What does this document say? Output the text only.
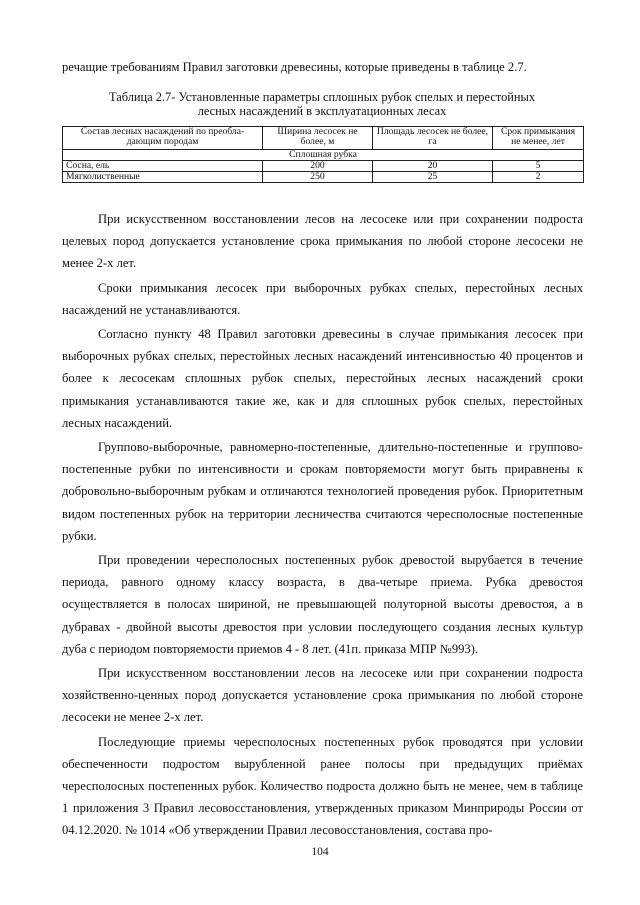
речащие требованиям Правил заготовки древесины, которые приведены в таблице 2.7.
Таблица 2.7- Установленные параметры сплошных рубок спелых и перестойных
лесных насаждений в эксплуатационных лесах
Состав лесных насаждений по преобла-дающим породам	Ширина лесосек не более, м	Площадь лесосек не более, га	Срок примыкания не менее, лет
Сплошная рубка			
Сосна, ель	200	20	5
Мягколиственные	250	25	2

При искусственном восстановлении лесов на лесосеке или при сохранении подроста целевых пород допускается установление срока примыкания по любой стороне лесосеки не менее 2-х лет.

Сроки примыкания лесосек при выборочных рубках спелых, перестойных лесных насаждений не устанавливаются.

Согласно пункту 48 Правил заготовки древесины в случае примыкания лесосек при выборочных рубках спелых, перестойных лесных насаждений интенсивностью 40 процентов и более к лесосекам сплошных рубок спелых, перестойных лесных насаждений сроки примыкания устанавливаются такие же, как и для сплошных рубок спелых, перестойных лесных насаждений.

Группово-выборочные, равномерно-постепенные, длительно-постепенные и группово-постепенные рубки по интенсивности и срокам повторяемости могут быть приравнены к добровольно-выборочным рубкам и отличаются технологией проведения рубок. Приоритетным видом постепенных рубок на территории лесничества считаются чересполосные постепенные рубки.

При проведении чересполосных постепенных рубок древостой вырубается в течение периода, равного одному классу возраста, в два-четыре приема. Рубка древостоя осуществляется в полосах шириной, не превышающей полуторной высоты древостоя, а в дубравах - двойной высоты древостоя при условии последующего создания лесных культур дуба с периодом повторяемости приемов 4 - 8 лет. (41п. приказа МПР №993).

При искусственном восстановлении лесов на лесосеке или при сохранении подроста хозяйственно-ценных пород допускается установление срока примыкания по любой стороне лесосеки не менее 2-х лет.

Последующие приемы чересполосных постепенных рубок проводятся при условии обеспеченности подростом вырубленной ранее полосы при предыдущих приёмах чересполосных постепенных рубок. Количество подроста должно быть не менее, чем в таблице 1 приложения 3 Правил лесовосстановления, утвержденных приказом Минприроды России от 04.12.2020. № 1014 «Об утверждении Правил лесовосстановления, состава про-

104
